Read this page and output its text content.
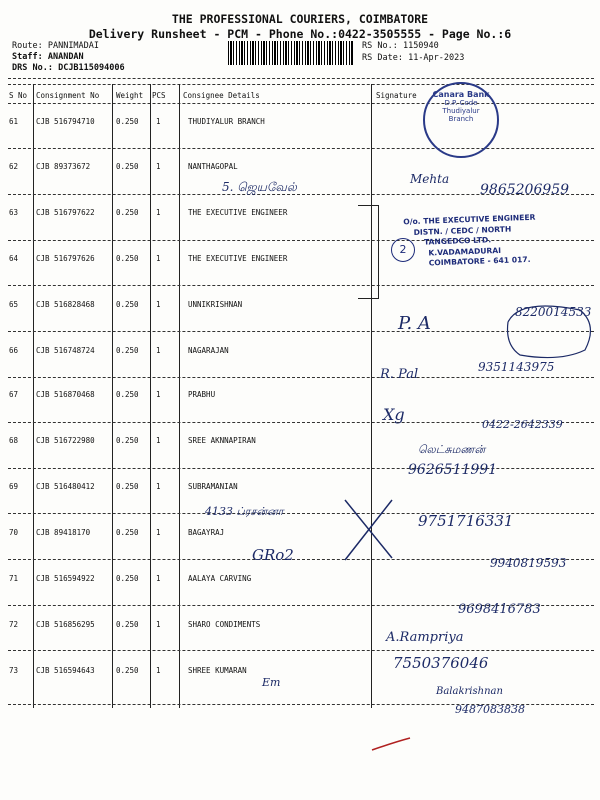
THE PROFESSIONAL COURIERS, COIMBATORE
Delivery Runsheet - PCM - Phone No.:0422-3505555 - Page No.:6
Route: PANNIMADAI
Staff: ANANDAN
DRS No.: DCJB115094006
RS No.: 1150940
RS Date: 11-Apr-2023
S No Consignment No Weight PCS Consignee Details	Signature
61 CJB 516794710	0.250 1	THUDIYALUR BRANCH
62 CJB 89373672	0.250 1	NANTHAGOPAL
63 CJB 516797622	0.250 1	THE EXECUTIVE ENGINEER
64 CJB 516797626	0.250 1	THE EXECUTIVE ENGINEER
65 CJB 516828468	0.250 1	UNNIKRISHNAN
66 CJB 516748724	0.250 1	NAGARAJAN
67 CJB 516870468	0.250 1	PRABHU
68 CJB 516722980	0.250 1	SREE AKNNAPIRAN
69 CJB 516480412	0.250 1	SUBRAMANIAN
70 CJB 89418170	0.250 1	BAGAYRAJ
71 CJB 516594922	0.250 1	AALAYA CARVING
72 CJB 516856295	0.250 1	SHARO CONDIMENTS
73 CJB 516594643	0.250 1	SHREE KUMARAN
Canara Bank
D.P. Code
Thudiyalur
Branch
2
O/o. THE EXECUTIVE ENGINEER
DISTN. / CEDC / NORTH
TANGEDCO LTD.
K.VADAMADURAI
COIMBATORE - 641 017.
5. ஜெயவேல்
Mehta
9865206959
P. A
8220014533
R. Pal	9351143975
Xg
0422-2642339
லெட்சுமணன்
9626511991
4133 ப்ரசன்னா
9751716331
GRo2	9940819593
9698416783
A.Rampriya
7550376046
Em
Balakrishnan
9487083838
